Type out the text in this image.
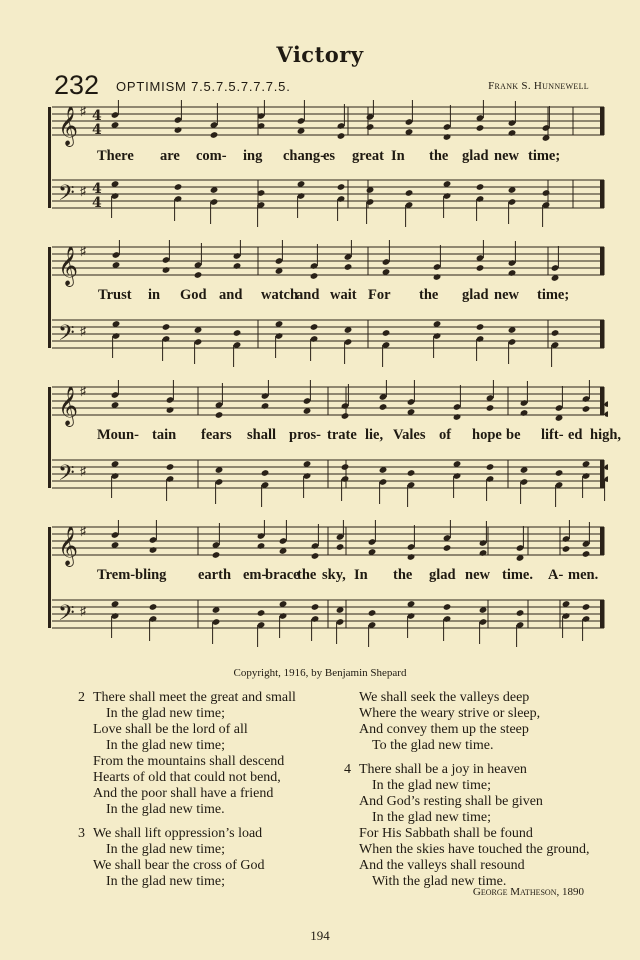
Victory
232 OPTIMISM 7.5.7.5.7.7.7.5.	Frank S. Hunnewell
𝄞
𝄢
♯
♯
4
4
4
4
There are com- ing chang-
es great In the glad new time;
𝄞
𝄢
♯
♯
Trust in God and watch
and wait For the glad new time;
𝄞
𝄢
♯
♯
Moun- tain fears shall pros- trate lie, Vales of hope be lift- ed high,
𝄞
𝄢
♯
♯
Trem- bling earth em-
brace
the sky, In the glad new time. A- men.
Copyright, 1916, by Benjamin Shepard
2 There shall meet the great and small
In the glad new time;
Love shall be the lord of all
In the glad new time;
From the mountains shall descend
Hearts of old that could not bend,
And the poor shall have a friend
In the glad new time.
3 We shall lift oppression’s load
In the glad new time;
We shall bear the cross of God
In the glad new time;
We shall seek the valleys deep
Where the weary strive or sleep,
And convey them up the steep
To the glad new time.
4 There shall be a joy in heaven
In the glad new time;
And God’s resting shall be given
In the glad new time;
For His Sabbath shall be found
When the skies have touched the ground,
And the valleys shall resound
With the glad new time.
George Matheson, 1890
194
